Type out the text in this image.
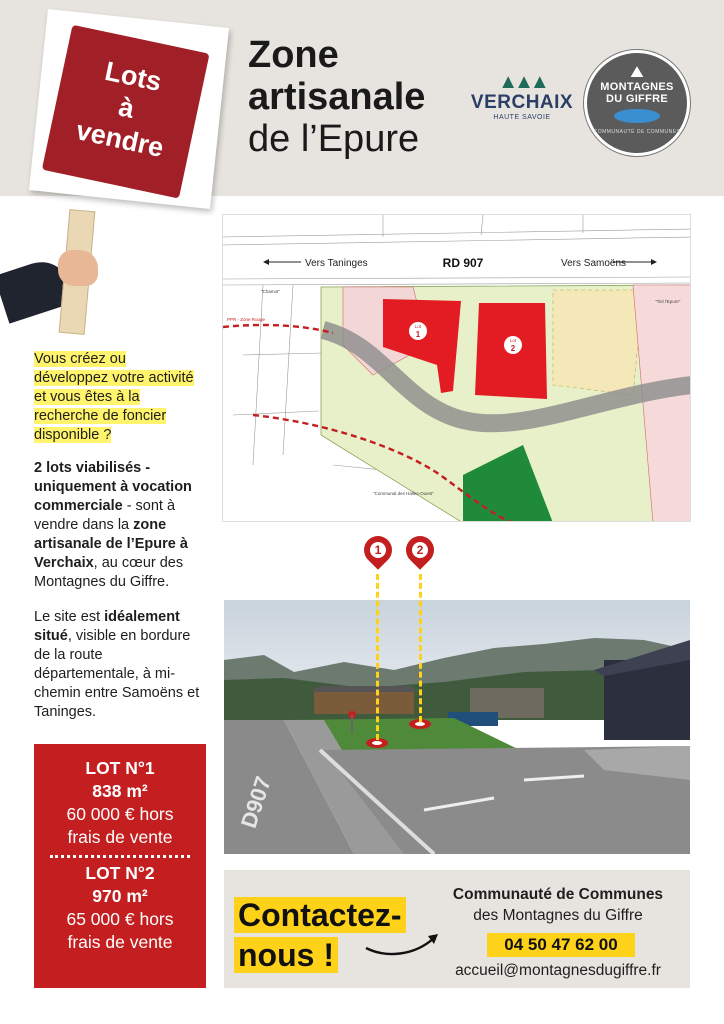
Lots
à
vendre
Zone
artisanale
de l’Epure
▲▲▲
VERCHAIX
HAUTE SAVOIE
⛰
MONTAGNES
DU GIFFRE
COMMUNAUTÉ DE COMMUNES
Lot
1
Lot
2
Vers Taninges	RD 907	Vers Samoëns
"Chamot"
"Communal des Halles-Ouest"
"Tiel l'Epure"
PPR - Zone Rouge
Vous créez ou développez votre activité et vous êtes à la recherche de foncier disponible ?
2 lots viabilisés - uniquement à vocation commerciale - sont à vendre dans la zone artisanale de l’Epure à Verchaix, au cœur des Montagnes du Giffre.
Le site est idéalement situé, visible en bordure de la route départementale, à mi-chemin entre Samoëns et Taninges.
LOT N°1
838 m²
60 000 € hors
frais de vente
LOT N°2
970 m²
65 000 € hors
frais de vente
D907
1	2
Contactez-
nous !
Communauté de Communes
des Montagnes du Giffre
04 50 47 62 00
accueil@montagnesdugiffre.fr
